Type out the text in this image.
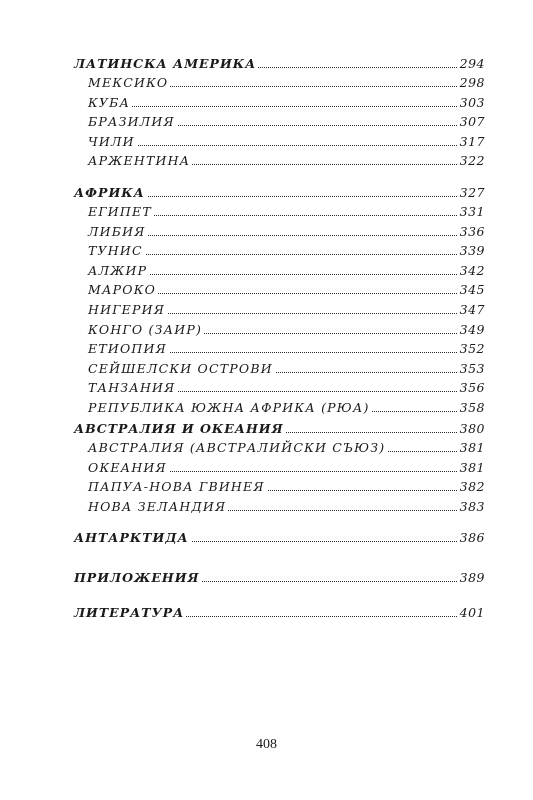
ЛАТИНСКА АМЕРИКА	294
МЕКСИКО	298
КУБА	303
БРАЗИЛИЯ	307
ЧИЛИ	317
АРЖЕНТИНА	322
АФРИКА	327
ЕГИПЕТ	331
ЛИБИЯ	336
ТУНИС	339
АЛЖИР	342
МАРОКО	345
НИГЕРИЯ	347
КОНГО (ЗАИР)	349
ЕТИОПИЯ	352
СЕЙШЕЛСКИ ОСТРОВИ	353
ТАНЗАНИЯ	356
РЕПУБЛИКА ЮЖНА АФРИКА (РЮА)	358
АВСТРАЛИЯ И ОКЕАНИЯ	380
АВСТРАЛИЯ (АВСТРАЛИЙСКИ СЪЮЗ)	381
ОКЕАНИЯ	381
ПАПУА-НОВА ГВИНЕЯ	382
НОВА ЗЕЛАНДИЯ	383
АНТАРКТИДА	386
ПРИЛОЖЕНИЯ	389
ЛИТЕРАТУРА	401
408
